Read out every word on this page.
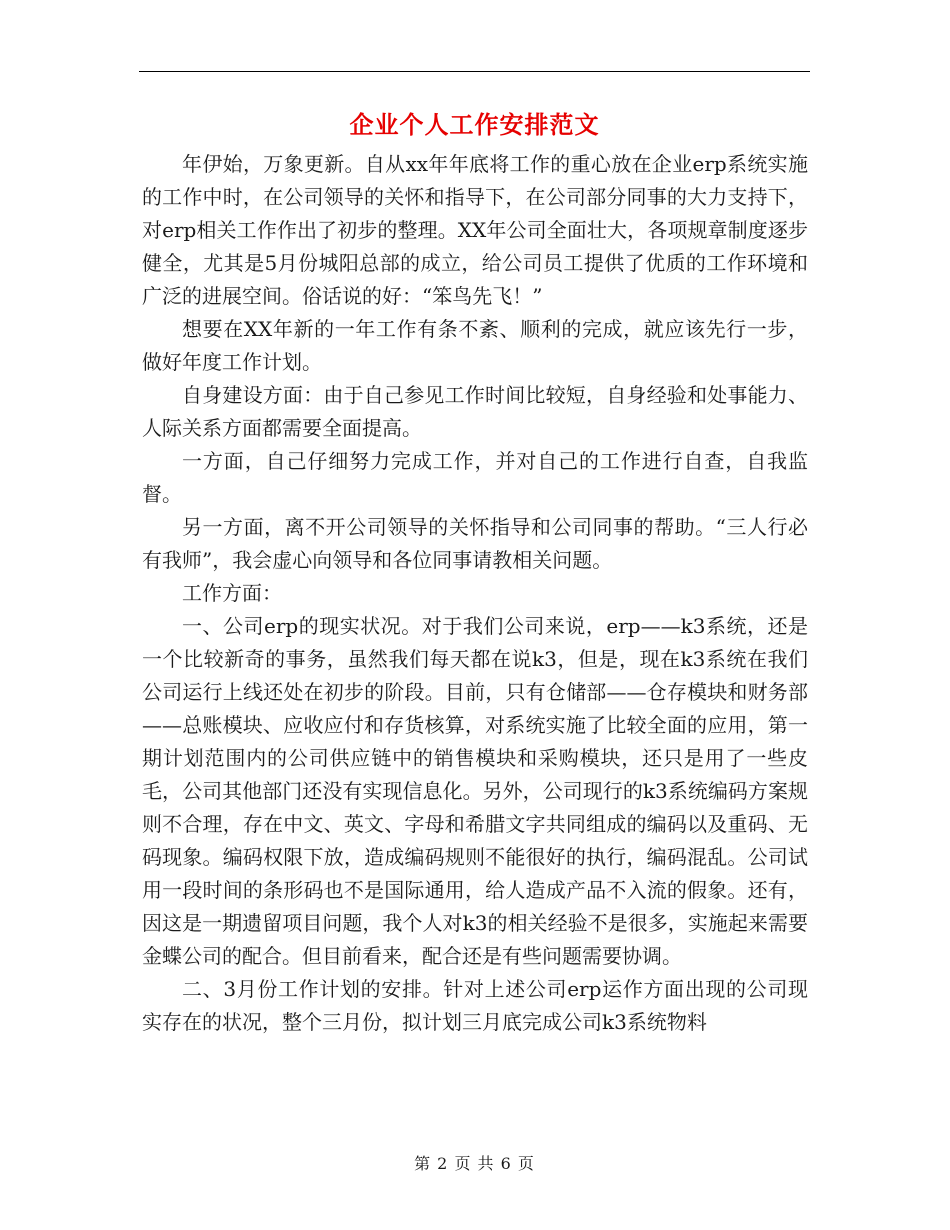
企业个人工作安排范文

年伊始，万象更新。自从xx年年底将工作的重心放在企业erp系统实施的工作中时，在公司领导的关怀和指导下，在公司部分同事的大力支持下，对erp相关工作作出了初步的整理。XX年公司全面壮大，各项规章制度逐步健全，尤其是5月份城阳总部的成立，给公司员工提供了优质的工作环境和广泛的进展空间。俗话说的好：“笨鸟先飞！”

想要在XX年新的一年工作有条不紊、顺利的完成，就应该先行一步，做好年度工作计划。

自身建设方面：由于自己参见工作时间比较短，自身经验和处事能力、人际关系方面都需要全面提高。

一方面，自己仔细努力完成工作，并对自己的工作进行自查，自我监督。

另一方面，离不开公司领导的关怀指导和公司同事的帮助。“三人行必有我师”，我会虚心向领导和各位同事请教相关问题。

工作方面：

一、公司erp的现实状况。对于我们公司来说，erp——k3系统，还是一个比较新奇的事务，虽然我们每天都在说k3，但是，现在k3系统在我们公司运行上线还处在初步的阶段。目前，只有仓储部——仓存模块和财务部——总账模块、应收应付和存货核算，对系统实施了比较全面的应用，第一期计划范围内的公司供应链中的销售模块和采购模块，还只是用了一些皮毛，公司其他部门还没有实现信息化。另外，公司现行的k3系统编码方案规则不合理，存在中文、英文、字母和希腊文字共同组成的编码以及重码、无码现象。编码权限下放，造成编码规则不能很好的执行，编码混乱。公司试用一段时间的条形码也不是国际通用，给人造成产品不入流的假象。还有，因这是一期遗留项目问题，我个人对k3的相关经验不是很多，实施起来需要金蝶公司的配合。但目前看来，配合还是有些问题需要协调。

二、3月份工作计划的安排。针对上述公司erp运作方面出现的公司现实存在的状况，整个三月份，拟计划三月底完成公司k3系统物料

第 2 页 共 6 页
